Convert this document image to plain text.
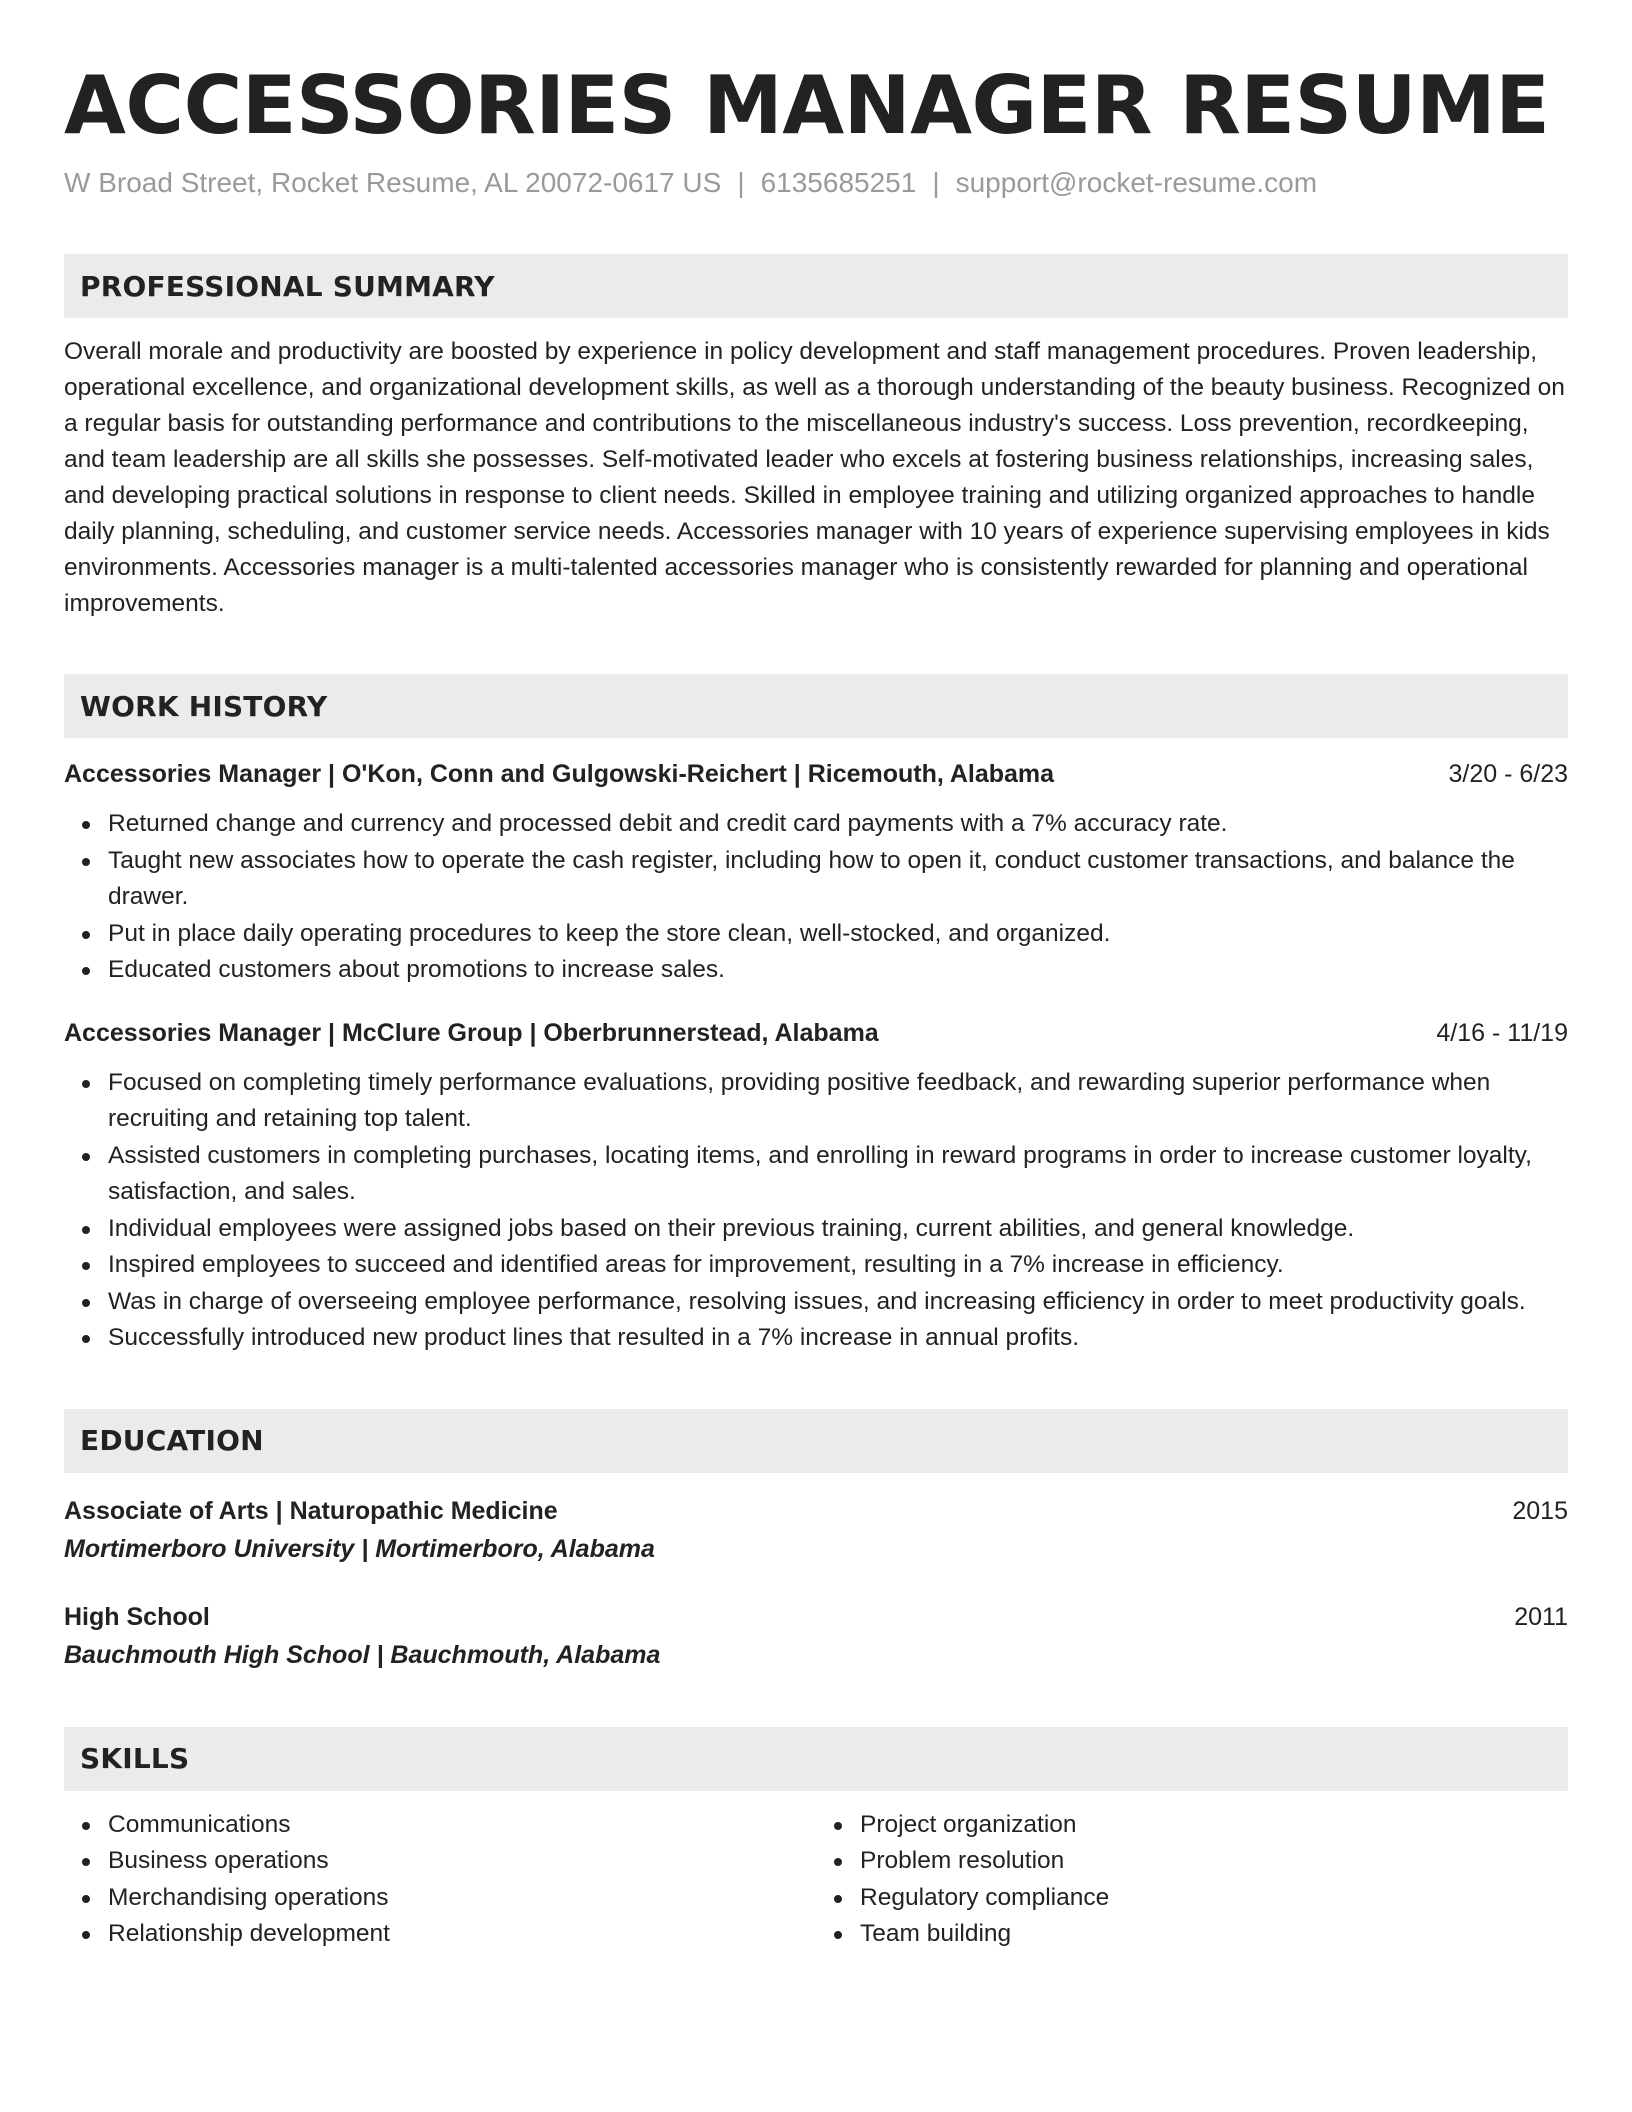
ACCESSORIES MANAGER RESUME
W Broad Street, Rocket Resume, AL 20072-0617 US | 6135685251 | support@rocket-resume.com
PROFESSIONAL SUMMARY

Overall morale and productivity are boosted by experience in policy development and staff management procedures. Proven leadership, operational excellence, and organizational development skills, as well as a thorough understanding of the beauty business. Recognized on a regular basis for outstanding performance and contributions to the miscellaneous industry's success. Loss prevention, recordkeeping, and team leadership are all skills she possesses. Self-motivated leader who excels at fostering business relationships, increasing sales, and developing practical solutions in response to client needs. Skilled in employee training and utilizing organized approaches to handle daily planning, scheduling, and customer service needs. Accessories manager with 10 years of experience supervising employees in kids environments. Accessories manager is a multi-talented accessories manager who is consistently rewarded for planning and operational improvements.

WORK HISTORY
Accessories Manager | O'Kon, Conn and Gulgowski-Reichert | Ricemouth, Alabama	3/20 - 6/23
Returned change and currency and processed debit and credit card payments with a 7% accuracy rate.
Taught new associates how to operate the cash register, including how to open it, conduct customer transactions, and balance the drawer.
Put in place daily operating procedures to keep the store clean, well-stocked, and organized.
Educated customers about promotions to increase sales.
Accessories Manager | McClure Group | Oberbrunnerstead, Alabama	4/16 - 11/19
Focused on completing timely performance evaluations, providing positive feedback, and rewarding superior performance when recruiting and retaining top talent.
Assisted customers in completing purchases, locating items, and enrolling in reward programs in order to increase customer loyalty, satisfaction, and sales.
Individual employees were assigned jobs based on their previous training, current abilities, and general knowledge.
Inspired employees to succeed and identified areas for improvement, resulting in a 7% increase in efficiency.
Was in charge of overseeing employee performance, resolving issues, and increasing efficiency in order to meet productivity goals.
Successfully introduced new product lines that resulted in a 7% increase in annual profits.
EDUCATION
Associate of Arts | Naturopathic Medicine	2015
Mortimerboro University | Mortimerboro, Alabama
High School	2011
Bauchmouth High School | Bauchmouth, Alabama
SKILLS
Communications
Business operations
Merchandising operations
Relationship development
Project organization
Problem resolution
Regulatory compliance
Team building
